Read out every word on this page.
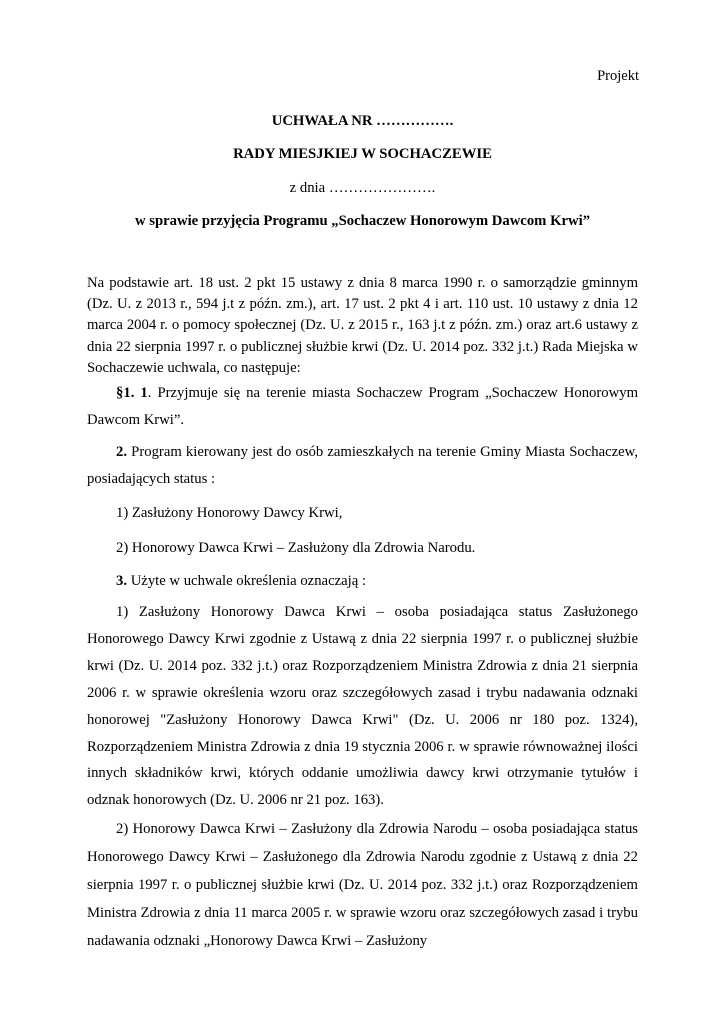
Projekt
UCHWAŁA NR …………….
RADY MIESJKIEJ W SOCHACZEWIE
z dnia ………………….
w sprawie przyjęcia Programu „Sochaczew Honorowym Dawcom Krwi”
Na podstawie art. 18 ust. 2 pkt 15 ustawy z dnia 8 marca 1990 r. o samorządzie gminnym (Dz. U. z 2013 r., 594 j.t z późn. zm.), art. 17 ust. 2 pkt 4 i art. 110 ust. 10 ustawy z dnia 12 marca 2004 r. o pomocy społecznej (Dz. U. z 2015 r., 163 j.t z późn. zm.) oraz art.6 ustawy z dnia 22 sierpnia 1997 r. o publicznej służbie krwi (Dz. U. 2014 poz. 332 j.t.) Rada Miejska w Sochaczewie uchwala, co następuje:
§1. 1. Przyjmuje się na terenie miasta Sochaczew Program „Sochaczew Honorowym Dawcom Krwi”.
2. Program kierowany jest do osób zamieszkałych na terenie Gminy Miasta Sochaczew, posiadających status :
1) Zasłużony Honorowy Dawcy Krwi,
2) Honorowy Dawca Krwi – Zasłużony dla Zdrowia Narodu.
3. Użyte w uchwale określenia oznaczają :
1) Zasłużony Honorowy Dawca Krwi – osoba posiadająca status Zasłużonego Honorowego Dawcy Krwi zgodnie z Ustawą z dnia 22 sierpnia 1997 r. o publicznej służbie krwi (Dz. U. 2014 poz. 332 j.t.) oraz Rozporządzeniem Ministra Zdrowia z dnia 21 sierpnia 2006 r. w sprawie określenia wzoru oraz szczegółowych zasad i trybu nadawania odznaki honorowej "Zasłużony Honorowy Dawca Krwi" (Dz. U. 2006 nr 180 poz. 1324), Rozporządzeniem Ministra Zdrowia z dnia 19 stycznia 2006 r. w sprawie równoważnej ilości innych składników krwi, których oddanie umożliwia dawcy krwi otrzymanie tytułów i odznak honorowych (Dz. U. 2006 nr 21 poz. 163).
2) Honorowy Dawca Krwi – Zasłużony dla Zdrowia Narodu – osoba posiadająca status Honorowego Dawcy Krwi – Zasłużonego dla Zdrowia Narodu zgodnie z Ustawą z dnia 22 sierpnia 1997 r. o publicznej służbie krwi (Dz. U. 2014 poz. 332 j.t.) oraz Rozporządzeniem Ministra Zdrowia z dnia 11 marca 2005 r. w sprawie wzoru oraz szczegółowych zasad i trybu nadawania odznaki „Honorowy Dawca Krwi – Zasłużony
